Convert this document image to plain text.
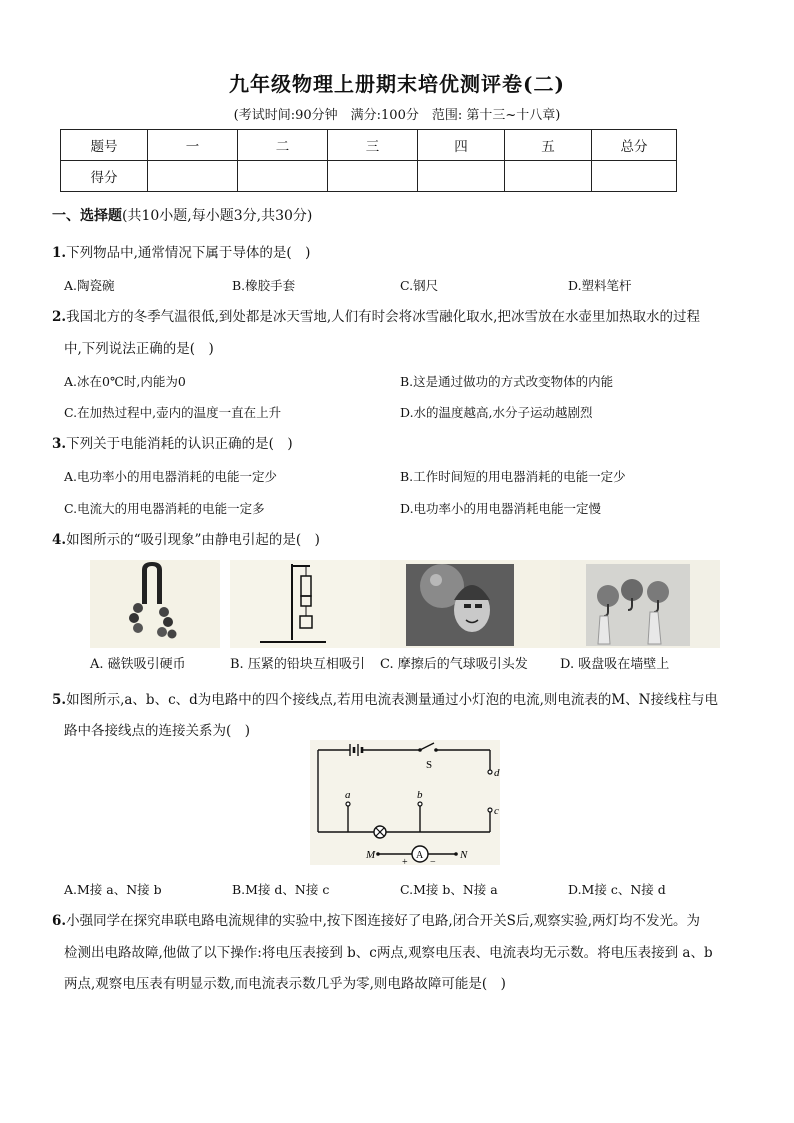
九年级物理上册期末培优测评卷(二)
(考试时间:90分钟　满分:100分　范围: 第十三~十八章)
题号	一	二	三	四	五	总分
得分						
一、选择题(共10小题,每小题3分,共30分)
1.下列物品中,通常情况下属于导体的是(　)
A.陶瓷碗	B.橡胶手套	C.钢尺	D.塑料笔杆
2.我国北方的冬季气温很低,到处都是冰天雪地,人们有时会将冰雪融化取水,把冰雪放在水壶里加热取水的过程
中,下列说法正确的是(　)
A.冰在0℃时,内能为0	B.这是通过做功的方式改变物体的内能
C.在加热过程中,壶内的温度一直在上升	D.水的温度越高,水分子运动越剧烈
3.下列关于电能消耗的认识正确的是(　)
A.电功率小的用电器消耗的电能一定少	B.工作时间短的用电器消耗的电能一定少
C.电流大的用电器消耗的电能一定多	D.电功率小的用电器消耗电能一定慢
4.如图所示的“吸引现象”由静电引起的是(　)
A. 磁铁吸引硬币	B. 压紧的铅块互相吸引 C. 摩擦后的气球吸引头发 D. 吸盘吸在墙壁上
5.如图所示,a、b、c、d为电路中的四个接线点,若用电流表测量通过小灯泡的电流,则电流表的M、N接线柱与电
路中各接线点的连接关系为(　)
S
d
c
a	b
M	A	N
+ −
A.M接 a、N接 b	B.M接 d、N接 c	C.M接 b、N接 a	D.M接 c、N接 d
6.小强同学在探究串联电路电流规律的实验中,按下图连接好了电路,闭合开关S后,观察实验,两灯均不发光。为
检测出电路故障,他做了以下操作:将电压表接到 b、c两点,观察电压表、电流表均无示数。将电压表接到 a、b
两点,观察电压表有明显示数,而电流表示数几乎为零,则电路故障可能是(　)
